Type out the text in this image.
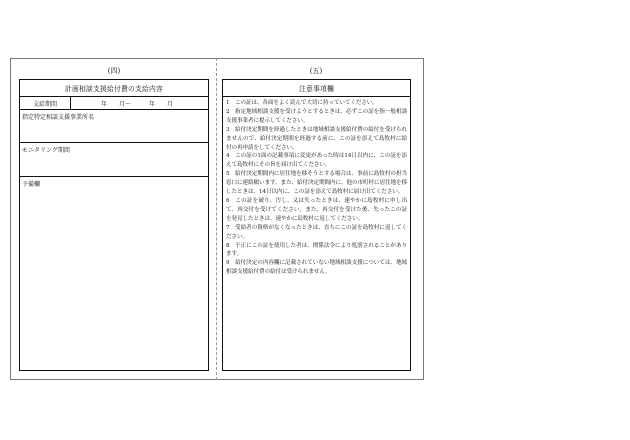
(四)	(五)
計画相談支援給付費の支給内容
支給期間	年　　月〜　　　年　　月
指定特定相談支援事業所名
モニタリング期間
予備欄
注意事項欄

1　この証は、各面をよく読んで大切に持っていてください。

2　指定地域相談支援を受けようとするときは、必ずこの証を指一般相談支援事業者に提示してください。

3　給付決定期間を経過したときは地域相談支援給付費の給付を受けられませんので、給付決定期間を経過する前に、この証を添えて島牧村に給付の再申請をしてください。

4　この証の1面の記載事項に変更があった時は14日以内に、この証を添えて島牧村にその旨を届け出てください。

5　給付決定期間内に居住地を移そうとする場合は、事前に島牧村の担当窓口に連絡願います。また、給付決定期間内に、他の市町村に居住地を移したときは、14日以内に、この証を添えて島牧村に届け出てください。

6　この証を破り、汚し、又は失ったときは、速やかに島牧村に申し出て、再交付を受けてください。また、再交付を受けた後、失ったこの証を発見したときは、速やかに島牧村に返してください。

7　受給者の資格がなくなったときは、直ちにこの証を島牧村に返してください。

8　不正にこの証を使用した者は、関係法令により処罰されることがあります。

9　給付決定の内容欄に記載されていない地域相談支援については、地域相談支援給付費の給付は受けられません。
